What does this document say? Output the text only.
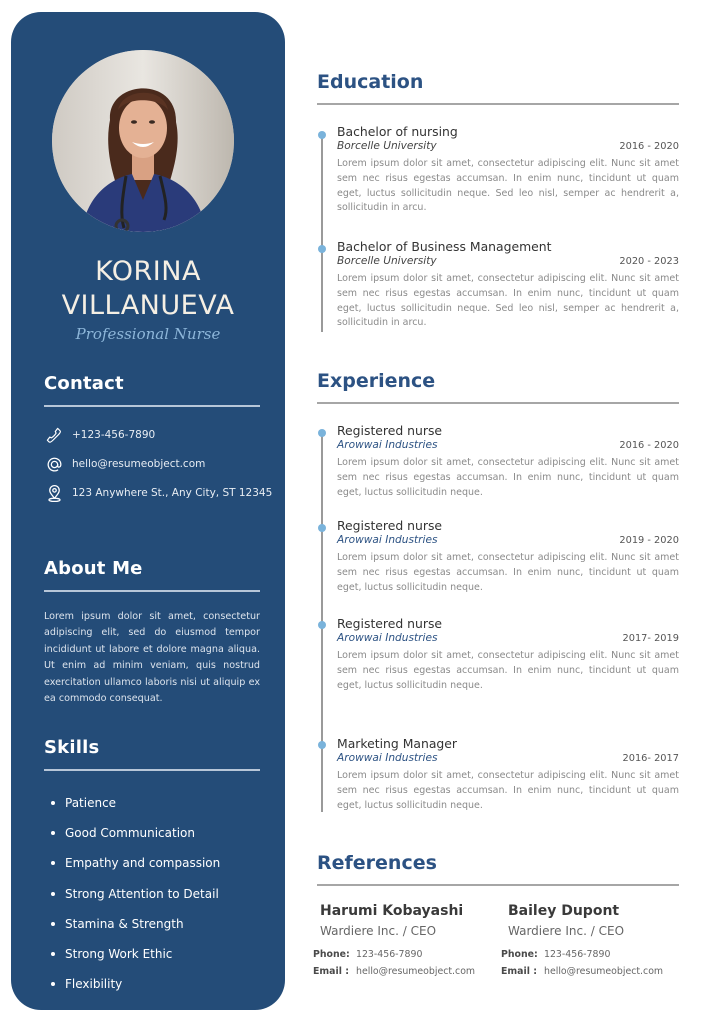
KORINA
VILLANUEVA
Professional Nurse
Contact
+123-456-7890
hello@resumeobject.com
123 Anywhere St., Any City, ST 12345
About Me
Lorem ipsum dolor sit amet, consectetur adipiscing elit, sed do eiusmod tempor incididunt ut labore et dolore magna aliqua. Ut enim ad minim veniam, quis nostrud exercitation ullamco laboris nisi ut aliquip ex ea commodo consequat.
Skills
Patience
Good Communication
Empathy and compassion
Strong Attention to Detail
Stamina & Strength
Strong Work Ethic
Flexibility
Education
Bachelor of nursing
Borcelle University	2016 - 2020
Lorem ipsum dolor sit amet, consectetur adipiscing elit. Nunc sit amet sem nec risus egestas accumsan. In enim nunc, tincidunt ut quam eget, luctus sollicitudin neque. Sed leo nisl, semper ac hendrerit a, sollicitudin in arcu.
Bachelor of Business Management
Borcelle University	2020 - 2023
Lorem ipsum dolor sit amet, consectetur adipiscing elit. Nunc sit amet sem nec risus egestas accumsan. In enim nunc, tincidunt ut quam eget, luctus sollicitudin neque. Sed leo nisl, semper ac hendrerit a, sollicitudin in arcu.
Experience
Registered nurse
Arowwai Industries	2016 - 2020
Lorem ipsum dolor sit amet, consectetur adipiscing elit. Nunc sit amet sem nec risus egestas accumsan. In enim nunc, tincidunt ut quam eget, luctus sollicitudin neque.
Registered nurse
Arowwai Industries	2019 - 2020
Lorem ipsum dolor sit amet, consectetur adipiscing elit. Nunc sit amet sem nec risus egestas accumsan. In enim nunc, tincidunt ut quam eget, luctus sollicitudin neque.
Registered nurse
Arowwai Industries	2017- 2019
Lorem ipsum dolor sit amet, consectetur adipiscing elit. Nunc sit amet sem nec risus egestas accumsan. In enim nunc, tincidunt ut quam eget, luctus sollicitudin neque.
Marketing Manager
Arowwai Industries	2016- 2017
Lorem ipsum dolor sit amet, consectetur adipiscing elit. Nunc sit amet sem nec risus egestas accumsan. In enim nunc, tincidunt ut quam eget, luctus sollicitudin neque.
References
Harumi Kobayashi
Wardiere Inc. / CEO
Phone: 123-456-7890
Email : hello@resumeobject.com
Bailey Dupont
Wardiere Inc. / CEO
Phone: 123-456-7890
Email : hello@resumeobject.com
